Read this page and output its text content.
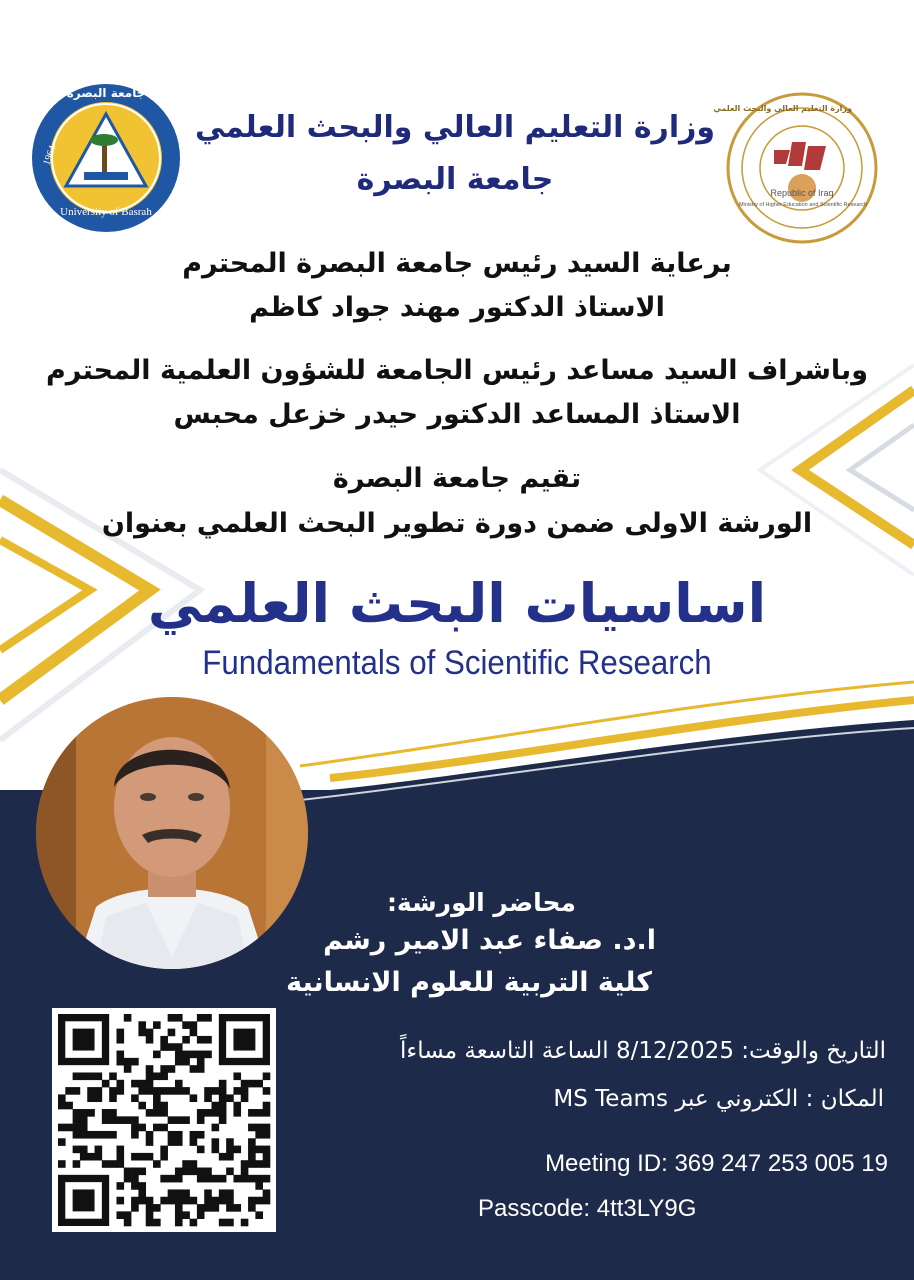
جامعة البصرة
University of Basrah
1964
وزارة التعليم العالي والبحث العلمي
Republic of Iraq
Ministry of Higher Education and Scientific Research
وزارة التعليم العالي والبحث العلمي
جامعة البصرة
برعاية السيد رئيس جامعة البصرة المحترم
الاستاذ الدكتور مهند جواد كاظم
وباشراف السيد مساعد رئيس الجامعة للشؤون العلمية المحترم
الاستاذ المساعد الدكتور حيدر خزعل محبس
تقيم جامعة البصرة
الورشة الاولى ضمن دورة تطوير البحث العلمي بعنوان
اساسيات البحث العلمي
Fundamentals of Scientific Research
محاضر الورشة:
ا.د. صفاء عبد الامير رشم
كلية التربية للعلوم الانسانية
التاريخ والوقت: 8/12/2025 الساعة التاسعة مساءاً
المكان : الكتروني عبر MS Teams
Meeting ID: 369 247 253 005 19
Passcode: 4tt3LY9G
